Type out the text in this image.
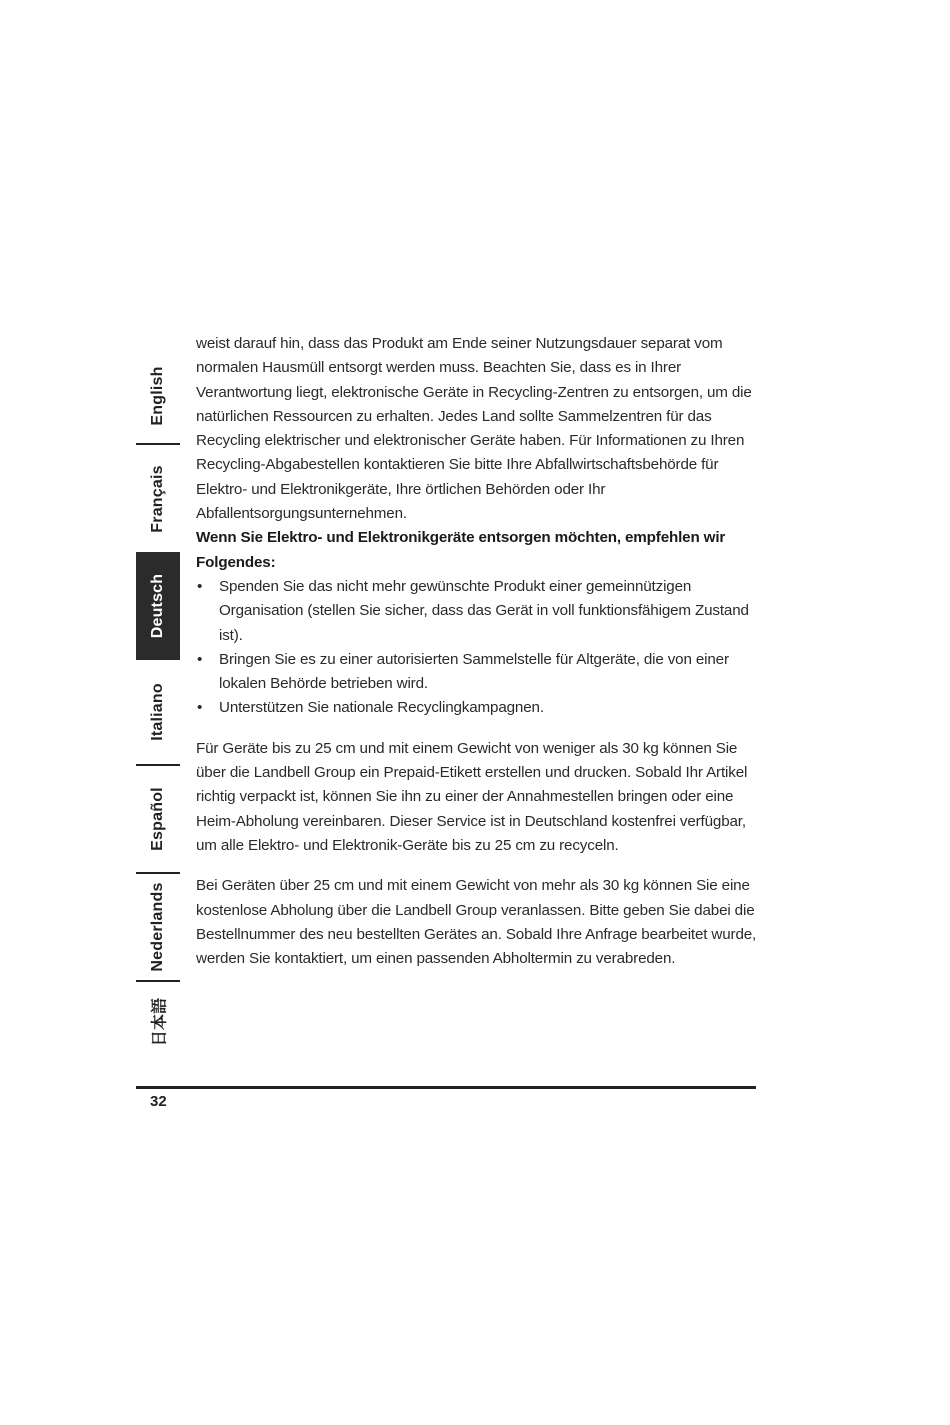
English
Français
Deutsch
Italiano
Español
Nederlands
日本語

weist darauf hin, dass das Produkt am Ende seiner Nutzungsdauer separat vom normalen Hausmüll entsorgt werden muss. Beachten Sie, dass es in Ihrer Verantwortung liegt, elektronische Geräte in Recycling-Zentren zu entsorgen, um die natürlichen Ressourcen zu erhalten. Jedes Land sollte Sammelzentren für das Recycling elektrischer und elektronischer Geräte haben. Für Informationen zu Ihren Recycling-Abgabestellen kontaktieren Sie bitte Ihre Abfallwirtschaftsbehörde für Elektro- und Elektronikgeräte, Ihre örtlichen Behörden oder Ihr Abfallentsorgungsunternehmen.

Wenn Sie Elektro- und Elektronikgeräte entsorgen möchten, empfehlen wir Folgendes:

• Spenden Sie das nicht mehr gewünschte Produkt einer gemeinnützigen Organisation (stellen Sie sicher, dass das Gerät in voll funktionsfähigem Zustand ist).
• Bringen Sie es zu einer autorisierten Sammelstelle für Altgeräte, die von einer lokalen Behörde betrieben wird.
• Unterstützen Sie nationale Recyclingkampagnen.

Für Geräte bis zu 25 cm und mit einem Gewicht von weniger als 30 kg können Sie über die Landbell Group ein Prepaid-Etikett erstellen und drucken. Sobald Ihr Artikel richtig verpackt ist, können Sie ihn zu einer der Annahmestellen bringen oder eine Heim-Abholung vereinbaren. Dieser Service ist in Deutschland kostenfrei verfügbar, um alle Elektro- und Elektronik-Geräte bis zu 25 cm zu recyceln.

Bei Geräten über 25 cm und mit einem Gewicht von mehr als 30 kg können Sie eine kostenlose Abholung über die Landbell Group veranlassen. Bitte geben Sie dabei die Bestellnummer des neu bestellten Gerätes an. Sobald Ihre Anfrage bearbeitet wurde, werden Sie kontaktiert, um einen passenden Abholtermin zu verabreden.

32
